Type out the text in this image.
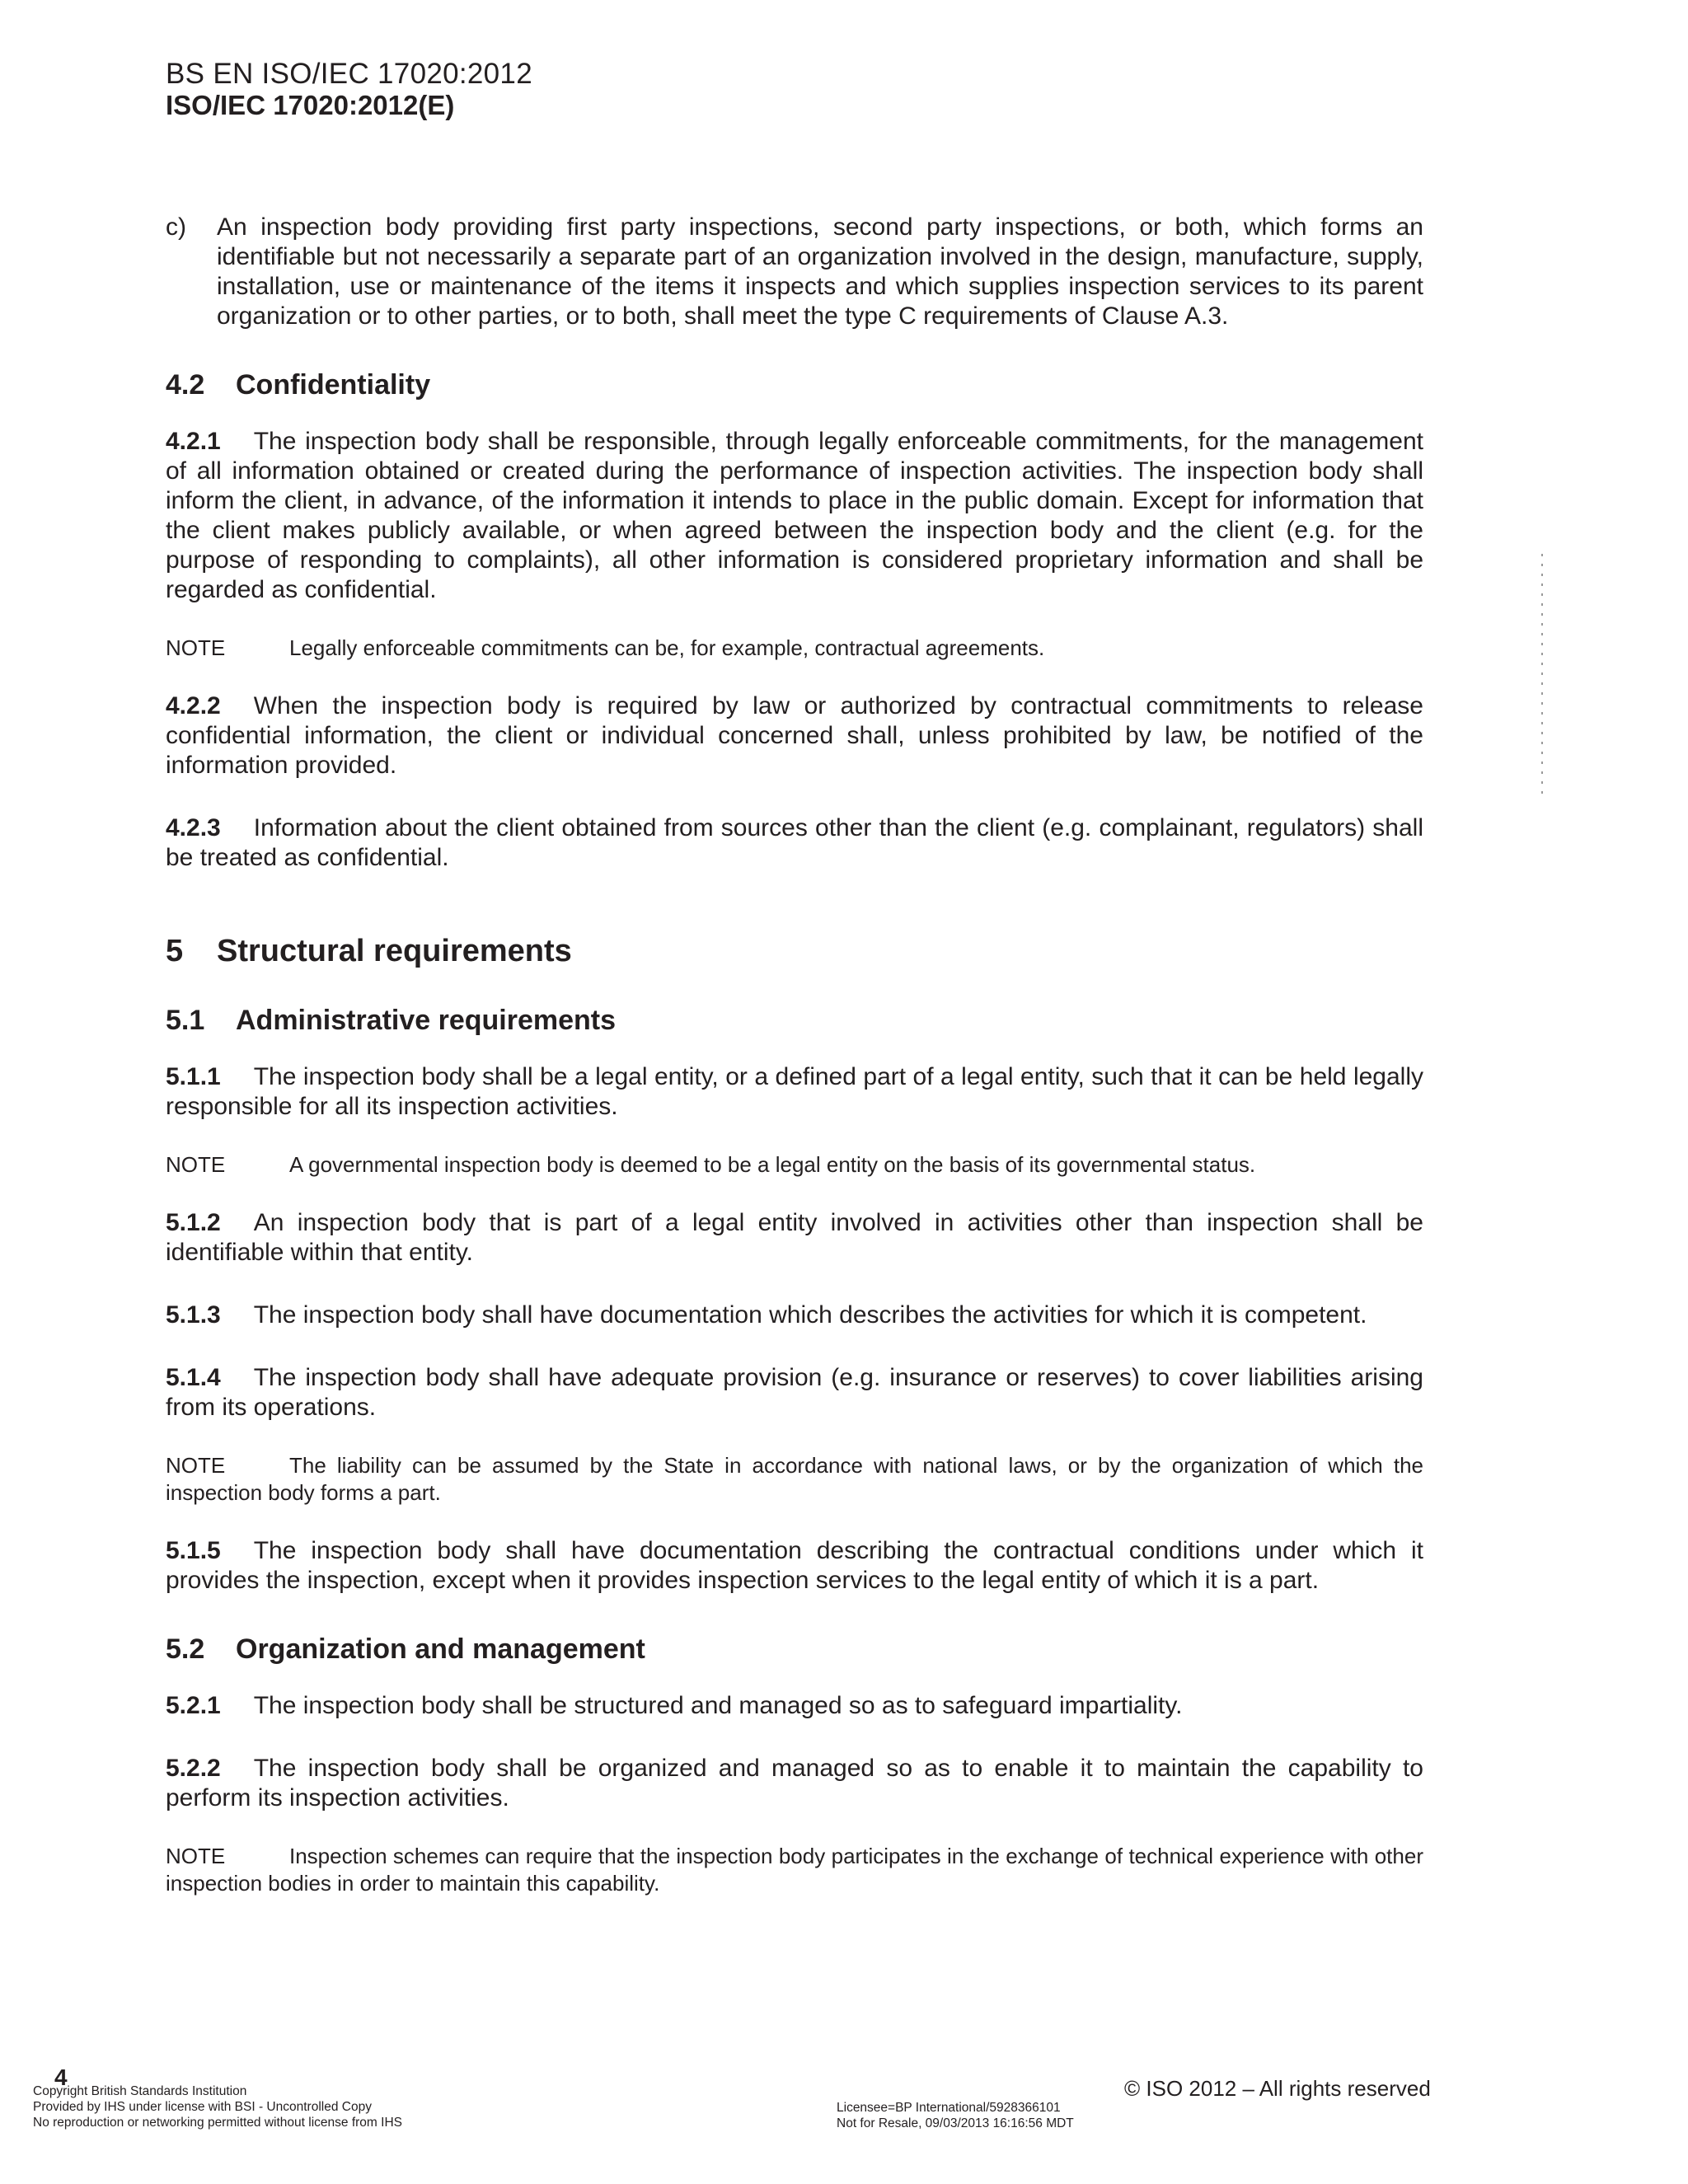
BS EN ISO/IEC 17020:2012
ISO/IEC 17020:2012(E)
c) An inspection body providing first party inspections, second party inspections, or both, which forms an identifiable but not necessarily a separate part of an organization involved in the design, manufacture, supply, installation, use or maintenance of the items it inspects and which supplies inspection services to its parent organization or to other parties, or to both, shall meet the type C requirements of Clause A.3.

4.2 Confidentiality

4.2.1 The inspection body shall be responsible, through legally enforceable commitments, for the management of all information obtained or created during the performance of inspection activities. The inspection body shall inform the client, in advance, of the information it intends to place in the public domain. Except for information that the client makes publicly available, or when agreed between the inspection body and the client (e.g. for the purpose of responding to complaints), all other information is considered proprietary information and shall be regarded as confidential.

NOTE	Legally enforceable commitments can be, for example, contractual agreements.

4.2.2 When the inspection body is required by law or authorized by contractual commitments to release confidential information, the client or individual concerned shall, unless prohibited by law, be notified of the information provided.

4.2.3 Information about the client obtained from sources other than the client (e.g. complainant, regulators) shall be treated as confidential.

5 Structural requirements
5.1 Administrative requirements

5.1.1 The inspection body shall be a legal entity, or a defined part of a legal entity, such that it can be held legally responsible for all its inspection activities.

NOTE	A governmental inspection body is deemed to be a legal entity on the basis of its governmental status.

5.1.2 An inspection body that is part of a legal entity involved in activities other than inspection shall be identifiable within that entity.

5.1.3 The inspection body shall have documentation which describes the activities for which it is competent.

5.1.4 The inspection body shall have adequate provision (e.g. insurance or reserves) to cover liabilities arising from its operations.

NOTE	The liability can be assumed by the State in accordance with national laws, or by the organization of which the inspection body forms a part.

5.1.5 The inspection body shall have documentation describing the contractual conditions under which it provides the inspection, except when it provides inspection services to the legal entity of which it is a part.

5.2 Organization and management

5.2.1 The inspection body shall be structured and managed so as to safeguard impartiality.

5.2.2 The inspection body shall be organized and managed so as to enable it to maintain the capability to perform its inspection activities.

NOTE	Inspection schemes can require that the inspection body participates in the exchange of technical experience with other inspection bodies in order to maintain this capability.

4	© ISO 2012 – All rights reserved
Copyright British Standards Institution
Provided by IHS under license with BSI - Uncontrolled Copy
No reproduction or networking permitted without license from IHS
Licensee=BP International/5928366101
Not for Resale, 09/03/2013 16:16:56 MDT
